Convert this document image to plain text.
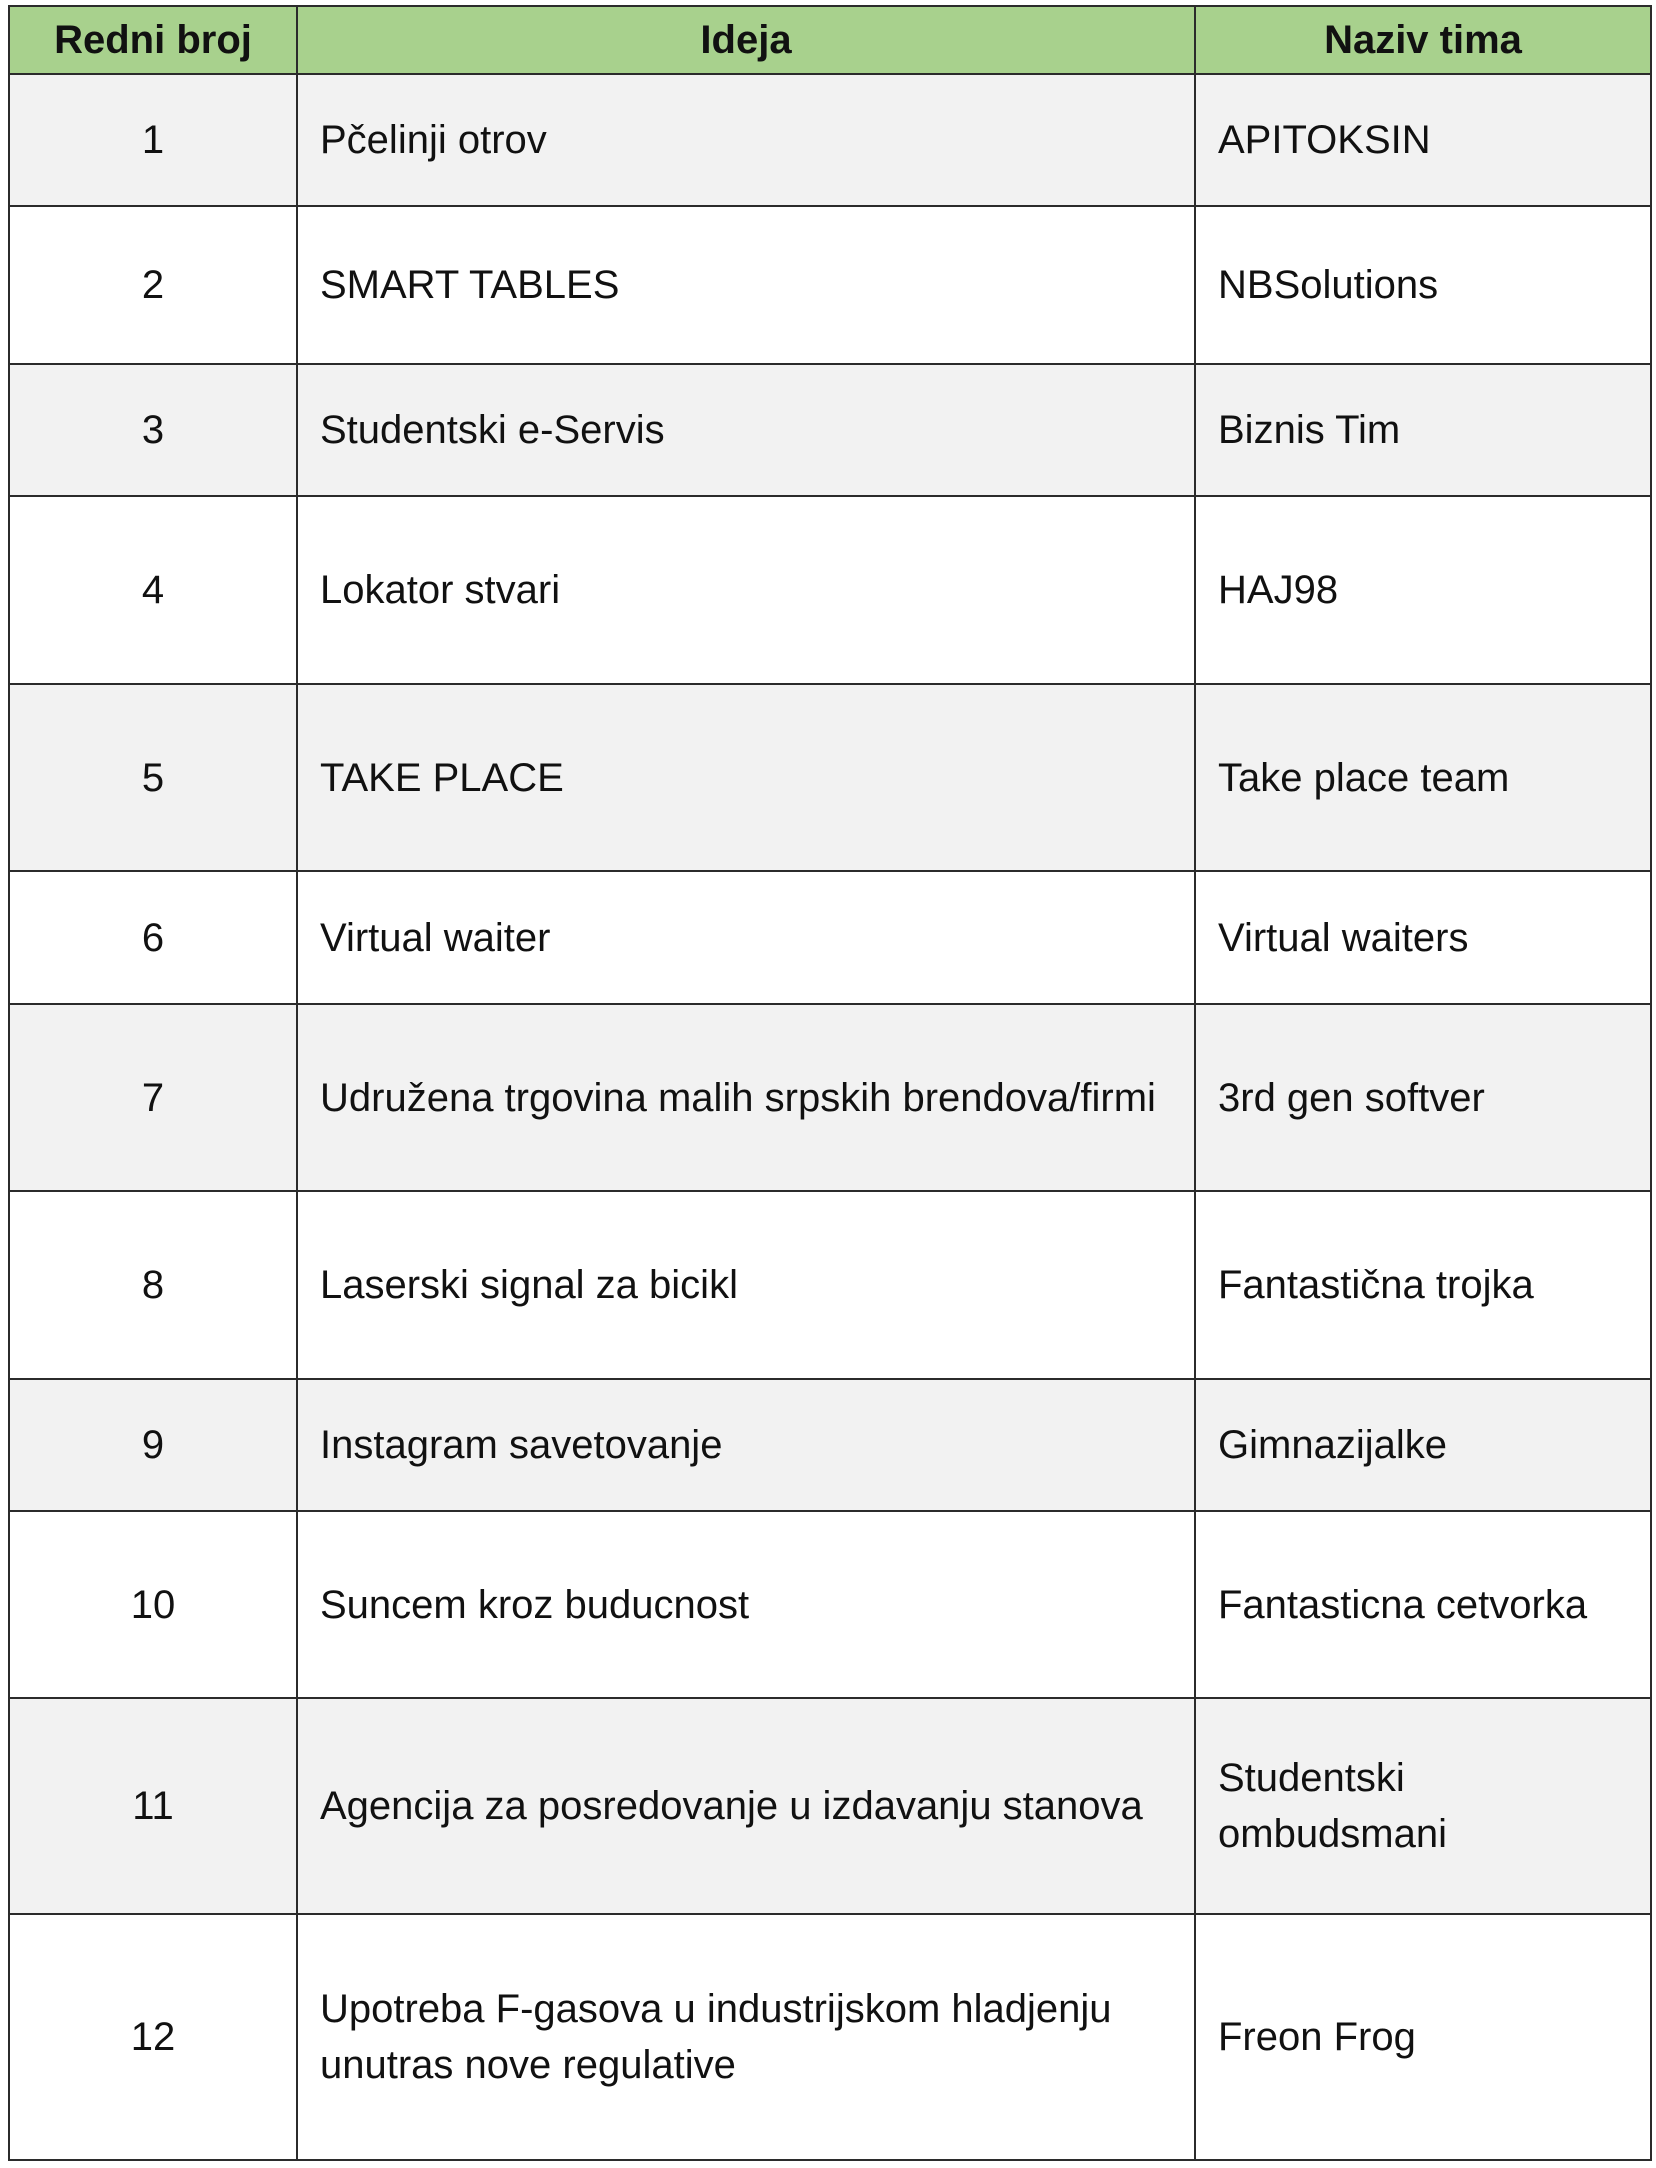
Redni broj	Ideja	Naziv tima
1	Pčelinji otrov	APITOKSIN
2	SMART TABLES	NBSolutions
3	Studentski e-Servis	Biznis Tim
4	Lokator stvari	HAJ98
5	TAKE PLACE	Take place team
6	Virtual waiter	Virtual waiters
7	Udružena trgovina malih srpskih brendova/firmi	3rd gen softver
8	Laserski signal za bicikl	Fantastična trojka
9	Instagram savetovanje	Gimnazijalke
10	Suncem kroz buducnost	Fantasticna cetvorka
11	Agencija za posredovanje u izdavanju stanova	Studentski ombudsmani
12	Upotreba F-gasova u industrijskom hladjenju unutras nove regulative	Freon Frog
